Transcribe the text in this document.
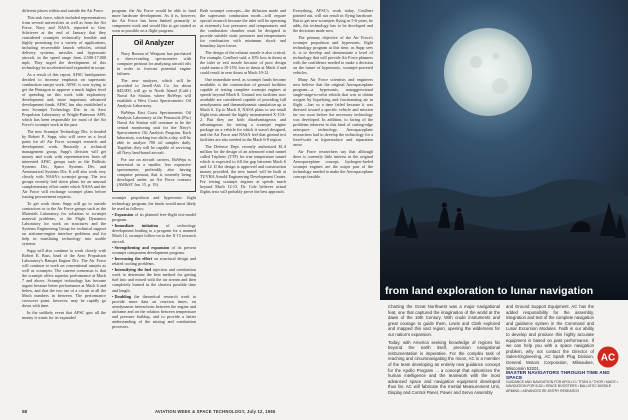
different places within and outside the Air Force.

This task force, which included representatives from several universities as well as from the Air Force, Navy and NASA, reported to Gen. Schriever at the end of January that they considered scramjets technically feasible and highly promising for a variety of applications, including recoverable launch vehicles, orbital delivery systems, missiles and hypersonic aircraft, in the speed range from 2,500-17,000 mph. They urged the development of this technology be accelerated and expanded in scope.

As a result of this report, AFSC headquarters decided to increase emphasis on supersonic combustion ramjet work. AFSC is now trying to get the Pentagon to approve a much higher level of spending on this work with exploratory development and, more important, advanced development funds. AFSC has also established a new Scramjet Technology Div. in its Aero Propulsion Laboratory at Wright-Patterson AFB, which has been responsible for most of the Air Force's scramjet work in the past.

The new Scramjet Technology Div. is headed by Robert E. Supp, who will serve as a focal point for all Air Force scramjet research and development work. Basically a technical management group, Supp's division will get money and work with representatives from all interested AFSC groups such as the Ballistic Systems Div., Space Systems Div. and Aeronautical Systems Div. It will also work very closely with NASA's scramjet group. The two groups recently laid down plans for an unusual complementary effort under which NASA and the Air Force will exchange scramjet plans before issuing procurement requests.

To get work done, Supp will go to outside contractors or to the Air Force groups such as the Materials Laboratory for solutions to scramjet material problems, or the Flight Dynamics Laboratory for work on structures and the Systems Engineering Group for technical support on airframe-engine interface problems and for help in translating technology into usable systems.

Supp will also continue to work closely with Robert E. Bass, head of the Aero Propulsion Laboratory's Ramjet Engine Div. The Air Force will continue to work on conventional ramjets as well as scramjets. The current consensus is that the scramjet offers superior performance at Mach 7 and above. Scramjet technology has become urgent because better performance at Mach 6 and below, and that the two are of a circuit at all the Mach numbers in between. The performance crossover point, however, may be rapidly go down with time.

In the unlikely event that AFSC gets all the money it wants for its expanded

program, the Air Force would be able to fund more hardware development. As it is, however, the Air Force has been limited primarily to component work and would like to get started as soon as possible on a flight program.

Oil Analyzer

Navy Bureau of Weapons has purchased a direct-reading spectrometer with computer printout for analyzing aircraft oils in order to forecast potential engine failures.

The new analyzer, which will be provided to Jarrell-Ash Co. for about $45,000, will go to North Island (Calif.) Naval Air Station, where BuWeps will establish a West Coast Spectrometric Oil Analysis Laboratory.

BuWeps East Coast Spectrometric Oil Analysis Laboratory at the Pensacola (Fla.) Naval Air Station will continue to be the central monitoring unit for the Navy's Spectrometric Oil Analysis Program. Each laboratory, working two shifts a day, will be able to analyze 700 oil samples daily. Together, they will be capable of servicing all Navy land-based aircraft.

For use on aircraft carriers, BuWeps is interested in a smaller, less expensive spectrometer, preferably also having computer printout, that is currently being developed under an Air Force contract (AW&ST Jan. 15, p. 19).

scramjet propulsion and hypersonic flight technology program, the funds would most likely be used as follows:

• Expansion of its planned free-flight test-model program.
• Immediate initiation of technology development leading to a program for a manned Mach 12, scramjet follow-on to the X-15 research aircraft.
• Strengthening and expansion of its present scramjet component development program.
• Increasing the effort on structural design and related cooling problems.
• Intensifying the fuel injection and combustion work to determine the best method for getting fuel into and mixed with the air stream and then completely burned in the shortest possible time and length.
• Doubling the theoretical research work to provide more data on reaction times, on aerodynamic interactions between the engine and airframe and on the relation between temperature and pressure buildup, and to provide a better understanding of the mixing and combustion processes.

Both scramjet concepts—the diffusion mode and the supersonic combustion mode—will require special research because the inlet will be operating at extremely low pressures and temperatures and the combustion chamber must be designed to provide suitable static pressures and temperatures for combustion with minimum shock and boundary layer losses.

The design of the exhaust nozzle is also critical. For example, Coulbert said, a 10% loss in thrust at the inlet or exit nozzle because of poor design could mean a 10-15% loss in thrust at Mach 4 and could result in zero thrust at Mach 10-12.

One immediate need, as scramjet funds become available, is the construction of ground facilities capable of testing complete scramjet engines at speeds beyond Mach 8. Ground test facilities now available are considered capable of providing full aerodynamic and thermodynamic simulation up to Mach 6. Up to Mach 8, NASA plans to use small flight tests aboard the highly instrumented X-15A-2. But they are both disadvantageous and advantageous for testing a scramjet engine package on a vehicle for which it wasn't designed, and the Air Force and NASA feel that ground test facilities are also needed in the Mach 6-8 region.

The Defense Dept. recently authorized $1.4 million for the design of an advanced wind tunnel called Tripletec (TTF) for true temperature tunnel which is expected to fill the gap between Mach 6 and 12. If the design is approved and construction money provided, the new tunnel will be built at TUVHA Arnold Engineering Development Center. For testing scramjet engines at speeds much beyond Mach 12-15, Dr. Cole believes actual flights tests will probably prove the best approach.

Everything, AFSC's work today, Coulbert pointed out, will not result in flying hardware. But to get new scramjets flying as 5-6 years, he adds, the technology has to be developed and the decisions made now.

The primary objective of the Air Force's scramjet propulsion and hypersonic flight technology program at this time, as Supp sees it, is to develop and demonstrate a level of technology that will provide Air Force planners with the confidence needed to make a decision on the future of hypersonic, scramjet-powered vehicles.

Many Air Force scientists and engineers now believe that the original Aerospaceplane program—a hypersonic, nonaggressional single-stage-to-orbit vehicle that was to obtain oxygen by liquefying and fractionating air in flight —has so a time failed because it was directed toward a specific vehicle and mission far too soon before the necessary technology was developed. In addition, to facing of the problems inherent in this kind of cutting-edge aerospace technology, Aerospaceplane researchers had to develop the technology for a fixed-scale at hypersurface and separation arose.

Air Force researchers say that although there is currently little interest in the original Aerospaceplane concept, hydrogen-fueled scramjet engines are the major part of the technology needed to make the Aerospaceplane concept feasible.

58	AVIATION WEEK & SPACE TECHNOLOGY, July 12, 1965
from land exploration to lunar navigation

Charting the Great Northwest was a major navigational feat, one that captured the imagination of the world at the dawn of the 19th Century. With crude instruments and great courage to guide them, Lewis and Clark explored and mapped this vast region, opening the wilderness for our nation's expansion.

Today, with America seeking knowledge of regions far beyond the earth itself, precision navigational instrumentation is imperative. For the complex task of reaching and circumnavigating the moon, AC is a member of the team developing an entirely new guidance concept for the Apollo Program ... a concept that epitomizes the human intelligence and the teamwork with the most advanced space and navigation equipment developed thus far. AC will fabricate the Inertial Measurement Unit, Display and Control Panel, Power and Servo Assembly

and Ground Support Equipment. AC has the added responsibility for the assembly, integration and test of the complete navigation and guidance system in the Command and Lunar Excursion Modules. Faith in our ability to develop and produce this highly accurate equipment is based on past performance. If we can help you with a space navigation problem, why not contact the Director of Sales-Engineering, AC Spark Plug Division, General Motors Corporation, Milwaukee, Wisconsin 53201.

AC
MASTER NAVIGATORS THROUGH TIME AND SPACE
GUIDANCE AND NAVIGATION FOR APOLLO / TITAN II / THOR / MACE • NAVIGATION FOR B-52 • SPACE BOOSTERS • BALLISTIC MISSILE ARMING • ADVANCED RE-ENTRY RESEARCH
